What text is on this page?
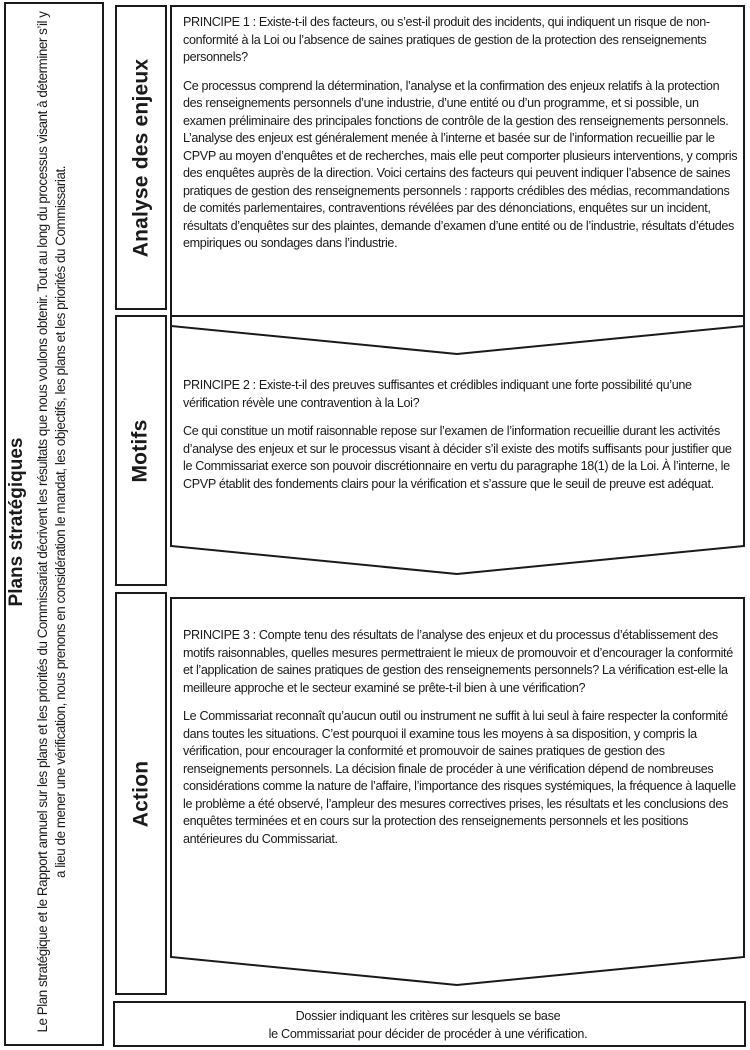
Plans stratégiques Le Plan stratégique et le Rapport annuel sur les plans et les priorités du Commissariat décrivent les résultats que nous voulons obtenir. Tout au long du processus visant à déterminer s’il y a lieu de mener une vérification, nous prenons en considération le mandat, les objectifs, les plans et les priorités du Commissariat.

Analyse des enjeux
Motifs
Action

PRINCIPE 1 : Existe-t-il des facteurs, ou s’est-il produit des incidents, qui indiquent un risque de non-conformité à la Loi ou l’absence de saines pratiques de gestion de la protection des renseignements personnels?

Ce processus comprend la détermination, l’analyse et la confirmation des enjeux relatifs à la protection des renseignements personnels d’une industrie, d’une entité ou d’un programme, et si possible, un examen préliminaire des principales fonctions de contrôle de la gestion des renseignements personnels. L’analyse des enjeux est généralement menée à l’interne et basée sur de l’information recueillie par le CPVP au moyen d’enquêtes et de recherches, mais elle peut comporter plusieurs interventions, y compris des enquêtes auprès de la direction. Voici certains des facteurs qui peuvent indiquer l’absence de saines pratiques de gestion des renseignements personnels : rapports crédibles des médias, recommandations de comités parlementaires, contraventions révélées par des dénonciations, enquêtes sur un incident, résultats d’enquêtes sur des plaintes, demande d’examen d’une entité ou de l’industrie, résultats d’études empiriques ou sondages dans l’industrie.

PRINCIPE 2 : Existe-t-il des preuves suffisantes et crédibles indiquant une forte possibilité qu’une vérification révèle une contravention à la Loi?

Ce qui constitue un motif raisonnable repose sur l’examen de l’information recueillie durant les activités d’analyse des enjeux et sur le processus visant à décider s’il existe des motifs suffisants pour justifier que le Commissariat exerce son pouvoir discrétionnaire en vertu du paragraphe 18(1) de la Loi. À l’interne, le CPVP établit des fondements clairs pour la vérification et s’assure que le seuil de preuve est adéquat.

PRINCIPE 3 : Compte tenu des résultats de l’analyse des enjeux et du processus d’établissement des motifs raisonnables, quelles mesures permettraient le mieux de promouvoir et d’encourager la conformité et l’application de saines pratiques de gestion des renseignements personnels? La vérification est-elle la meilleure approche et le secteur examiné se prête-t-il bien à une vérification?

Le Commissariat reconnaît qu’aucun outil ou instrument ne suffit à lui seul à faire respecter la conformité dans toutes les situations. C’est pourquoi il examine tous les moyens à sa disposition, y compris la vérification, pour encourager la conformité et promouvoir de saines pratiques de gestion des renseignements personnels. La décision finale de procéder à une vérification dépend de nombreuses considérations comme la nature de l’affaire, l’importance des risques systémiques, la fréquence à laquelle le problème a été observé, l’ampleur des mesures correctives prises, les résultats et les conclusions des enquêtes terminées et en cours sur la protection des renseignements personnels et les positions antérieures du Commissariat.

Dossier indiquant les critères sur lesquels se base
le Commissariat pour décider de procéder à une vérification.
